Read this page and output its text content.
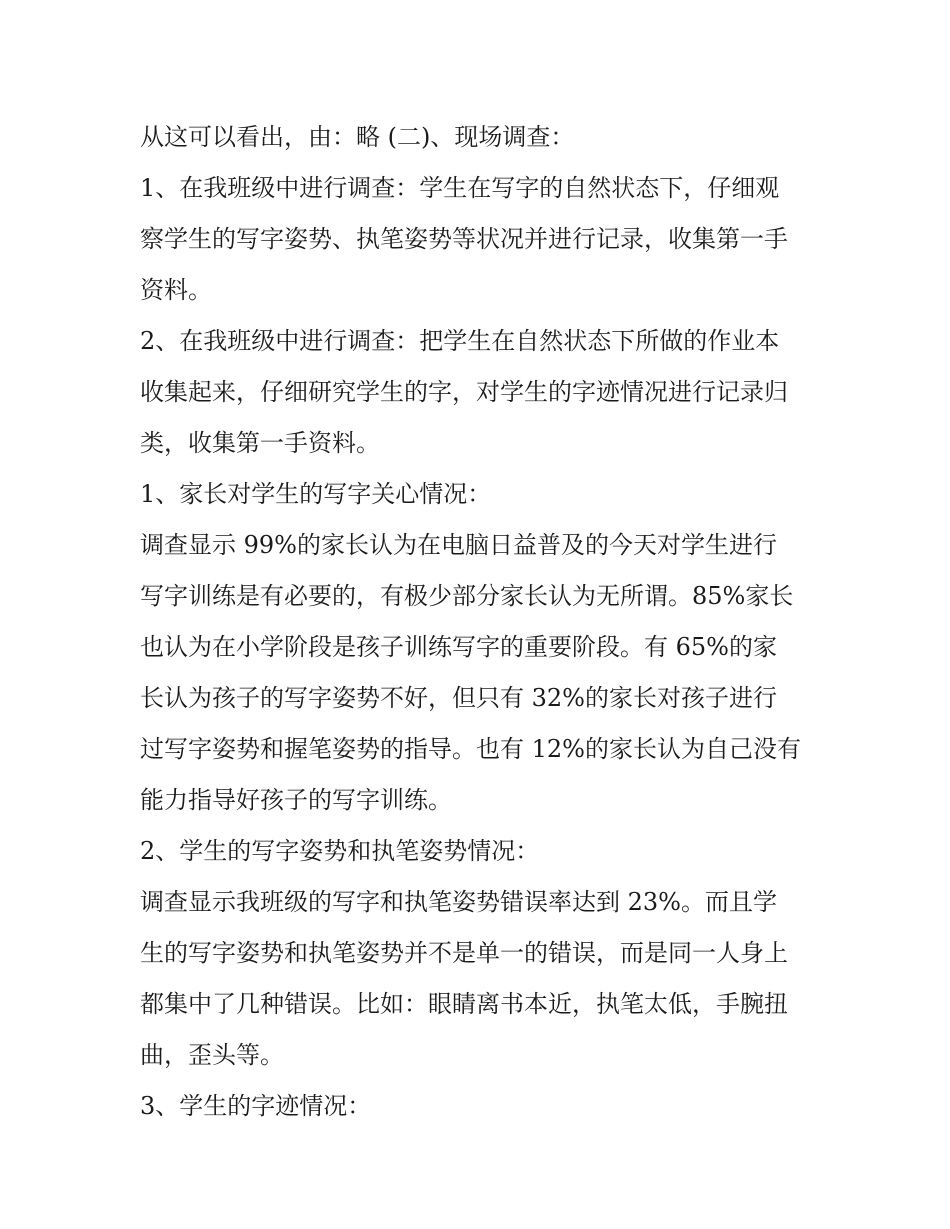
从这可以看出，由：略 (二)、现场调查：
1、在我班级中进行调查：学生在写字的自然状态下，仔细观
察学生的写字姿势、执笔姿势等状况并进行记录，收集第一手
资料。
2、在我班级中进行调查：把学生在自然状态下所做的作业本
收集起来，仔细研究学生的字，对学生的字迹情况进行记录归
类，收集第一手资料。
1、家长对学生的写字关心情况：
调查显示 99%的家长认为在电脑日益普及的今天对学生进行
写字训练是有必要的，有极少部分家长认为无所谓。85%家长
也认为在小学阶段是孩子训练写字的重要阶段。有 65%的家
长认为孩子的写字姿势不好，但只有 32%的家长对孩子进行
过写字姿势和握笔姿势的指导。也有 12%的家长认为自己没有
能力指导好孩子的写字训练。
2、学生的写字姿势和执笔姿势情况：
调查显示我班级的写字和执笔姿势错误率达到 23%。而且学
生的写字姿势和执笔姿势并不是单一的错误，而是同一人身上
都集中了几种错误。比如：眼睛离书本近，执笔太低，手腕扭
曲，歪头等。
3、学生的字迹情况：
